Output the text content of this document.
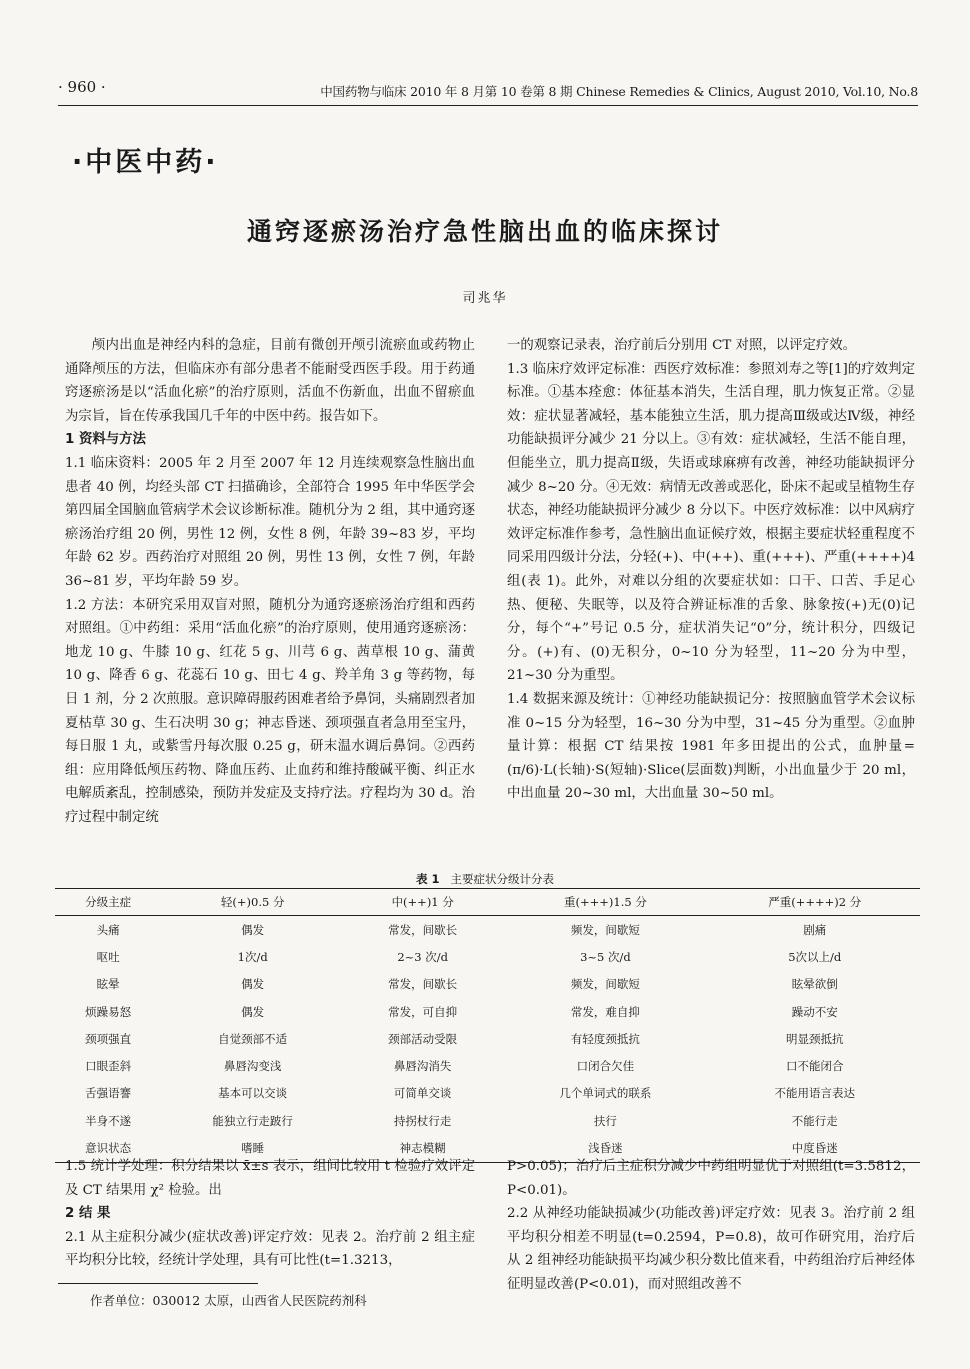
· 960 ·	中国药物与临床 2010 年 8 月第 10 卷第 8 期 Chinese Remedies & Clinics, August 2010, Vol.10, No.8
·中医中药·
通窍逐瘀汤治疗急性脑出血的临床探讨
司兆华

颅内出血是神经内科的急症，目前有微创开颅引流瘀血或药物止通降颅压的方法，但临床亦有部分患者不能耐受西医手段。用于药通窍逐瘀汤是以“活血化瘀”的治疗原则，活血不伤新血，出血不留瘀血为宗旨，旨在传承我国几千年的中医中药。报告如下。

1 资料与方法

1.1 临床资料：2005 年 2 月至 2007 年 12 月连续观察急性脑出血患者 40 例，均经头部 CT 扫描确诊，全部符合 1995 年中华医学会第四届全国脑血管病学术会议诊断标准。随机分为 2 组，其中通窍逐瘀汤治疗组 20 例，男性 12 例，女性 8 例，年龄 39~83 岁，平均年龄 62 岁。西药治疗对照组 20 例，男性 13 例，女性 7 例，年龄 36~81 岁，平均年龄 59 岁。

1.2 方法：本研究采用双盲对照，随机分为通窍逐瘀汤治疗组和西药对照组。①中药组：采用“活血化瘀”的治疗原则，使用通窍逐瘀汤：地龙 10 g、牛膝 10 g、红花 5 g、川芎 6 g、茜草根 10 g、蒲黄 10 g、降香 6 g、花蕊石 10 g、田七 4 g、羚羊角 3 g 等药物，每日 1 剂，分 2 次煎服。意识障碍服药困难者给予鼻饲，头痛剧烈者加夏枯草 30 g、生石决明 30 g；神志昏迷、颈项强直者急用至宝丹，每日服 1 丸，或紫雪丹每次服 0.25 g，研末温水调后鼻饲。②西药组：应用降低颅压药物、降血压药、止血药和维持酸碱平衡、纠正水电解质紊乱，控制感染，预防并发症及支持疗法。疗程均为 30 d。治疗过程中制定统

一的观察记录表，治疗前后分别用 CT 对照，以评定疗效。

1.3 临床疗效评定标准：西医疗效标准：参照刘寿之等[1]的疗效判定标准。①基本痊愈：体征基本消失，生活自理，肌力恢复正常。②显效：症状显著减轻，基本能独立生活，肌力提高Ⅲ级或达Ⅳ级，神经功能缺损评分减少 21 分以上。③有效：症状减轻，生活不能自理，但能坐立，肌力提高Ⅱ级，失语或球麻痹有改善，神经功能缺损评分减少 8~20 分。④无效：病情无改善或恶化，卧床不起或呈植物生存状态，神经功能缺损评分减少 8 分以下。中医疗效标准：以中风病疗效评定标准作参考，急性脑出血证候疗效，根据主要症状轻重程度不同采用四级计分法，分轻(+)、中(++)、重(+++)、严重(++++)4 组(表 1)。此外，对难以分组的次要症状如：口干、口苦、手足心热、便秘、失眠等，以及符合辨证标准的舌象、脉象按(+)无(0)记分，每个“+”号记 0.5 分，症状消失记“0”分，统计积分，四级记分。(+)有、(0)无积分，0~10 分为轻型，11~20 分为中型，21~30 分为重型。

1.4 数据来源及统计：①神经功能缺损记分：按照脑血管学术会议标准 0~15 分为轻型，16~30 分为中型，31~45 分为重型。②血肿量计算：根据 CT 结果按 1981 年多田提出的公式，血肿量=(π/6)·L(长轴)·S(短轴)·Slice(层面数)判断，小出血量少于 20 ml，中出血量 20~30 ml，大出血量 30~50 ml。

表 1 主要症状分级计分表
分级主症	轻(+)0.5 分	中(++)1 分	重(+++)1.5 分	严重(++++)2 分
头痛	偶发	常发，间歇长	频发，间歇短	剧痛
呕吐	1次/d	2~3 次/d	3~5 次/d	5次以上/d
眩晕	偶发	常发，间歇长	频发，间歇短	眩晕欲倒
烦躁易怒	偶发	常发，可自抑	常发，难自抑	躁动不安
颈项强直	自觉颈部不适	颈部活动受限	有轻度颈抵抗	明显颈抵抗
口眼歪斜	鼻唇沟变浅	鼻唇沟消失	口闭合欠佳	口不能闭合
舌强语謇	基本可以交谈	可简单交谈	几个单词式的联系	不能用语言表达
半身不遂	能独立行走跛行	持拐杖行走	扶行	不能行走
意识状态	嗜睡	神志模糊	浅昏迷	中度昏迷

1.5 统计学处理：积分结果以 x̄±s 表示，组间比较用 t 检验疗效评定及 CT 结果用 χ² 检验。出

2 结 果

2.1 从主症积分减少(症状改善)评定疗效：见表 2。治疗前 2 组主症平均积分比较，经统计学处理，具有可比性(t=1.3213，

P>0.05)；治疗后主症积分减少中药组明显优于对照组(t=3.5812，P<0.01)。

2.2 从神经功能缺损减少(功能改善)评定疗效：见表 3。治疗前 2 组平均积分相差不明显(t=0.2594，P=0.8)，故可作研究用，治疗后从 2 组神经功能缺损平均减少积分数比值来看，中药组治疗后神经体征明显改善(P<0.01)，而对照组改善不

作者单位：030012 太原，山西省人民医院药剂科
